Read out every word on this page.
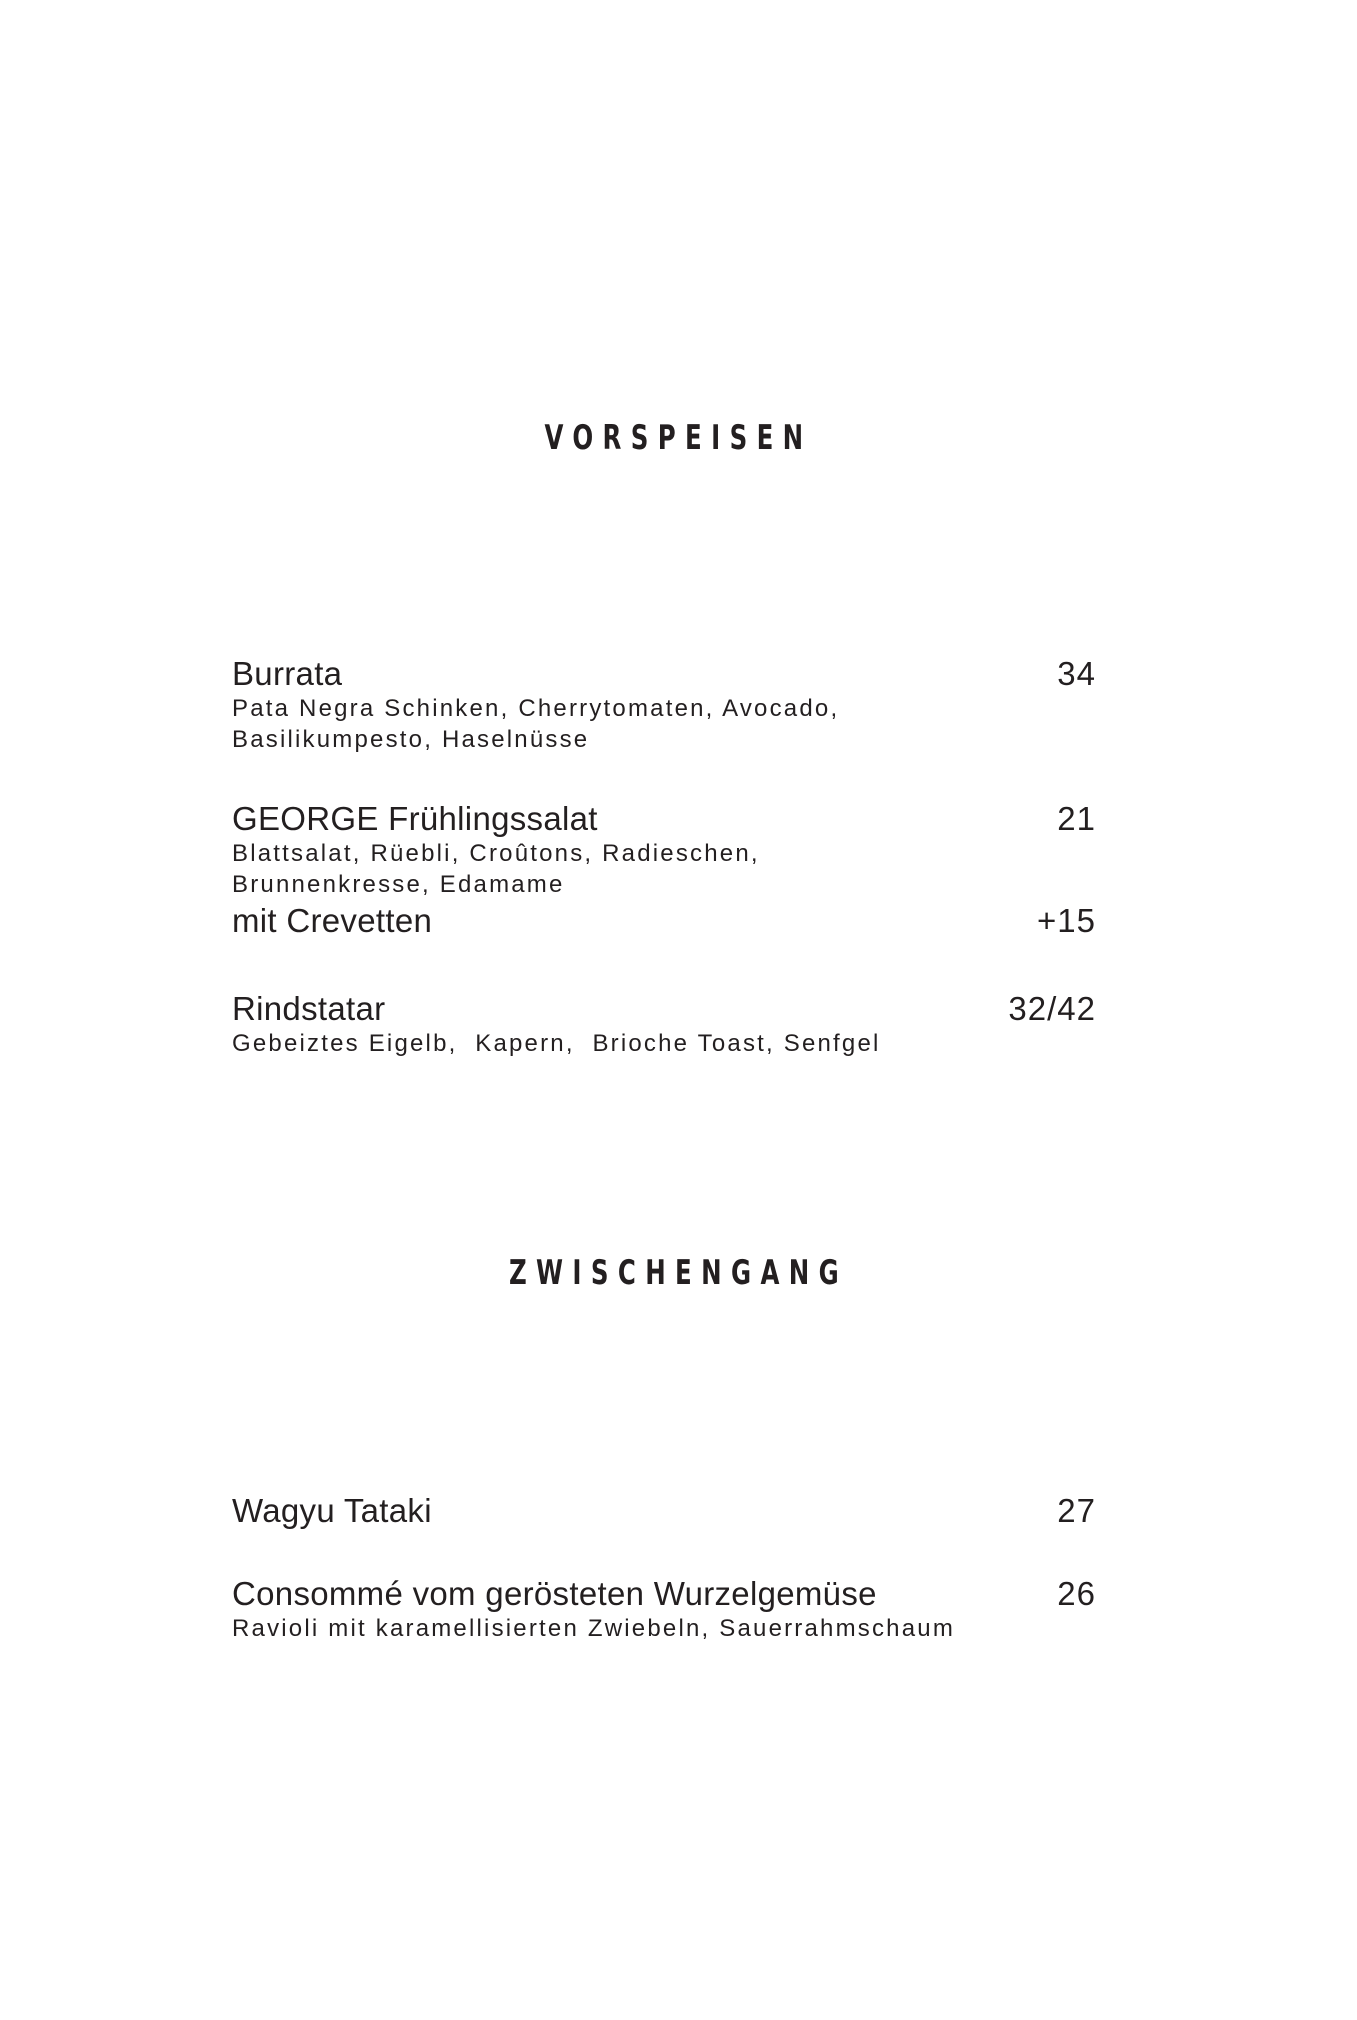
VORSPEISEN
Burrata	34
Pata Negra Schinken, Cherrytomaten, Avocado,
Basilikumpesto, Haselnüsse
GEORGE Frühlingssalat	21
Blattsalat, Rüebli, Croûtons, Radieschen,
Brunnenkresse, Edamame
mit Crevetten	+15
Rindstatar	32/42
Gebeiztes Eigelb,  Kapern,  Brioche Toast, Senfgel
ZWISCHENGANG
Wagyu Tataki	27
Consommé vom gerösteten Wurzelgemüse	26
Ravioli mit karamellisierten Zwiebeln, Sauerrahmschaum
